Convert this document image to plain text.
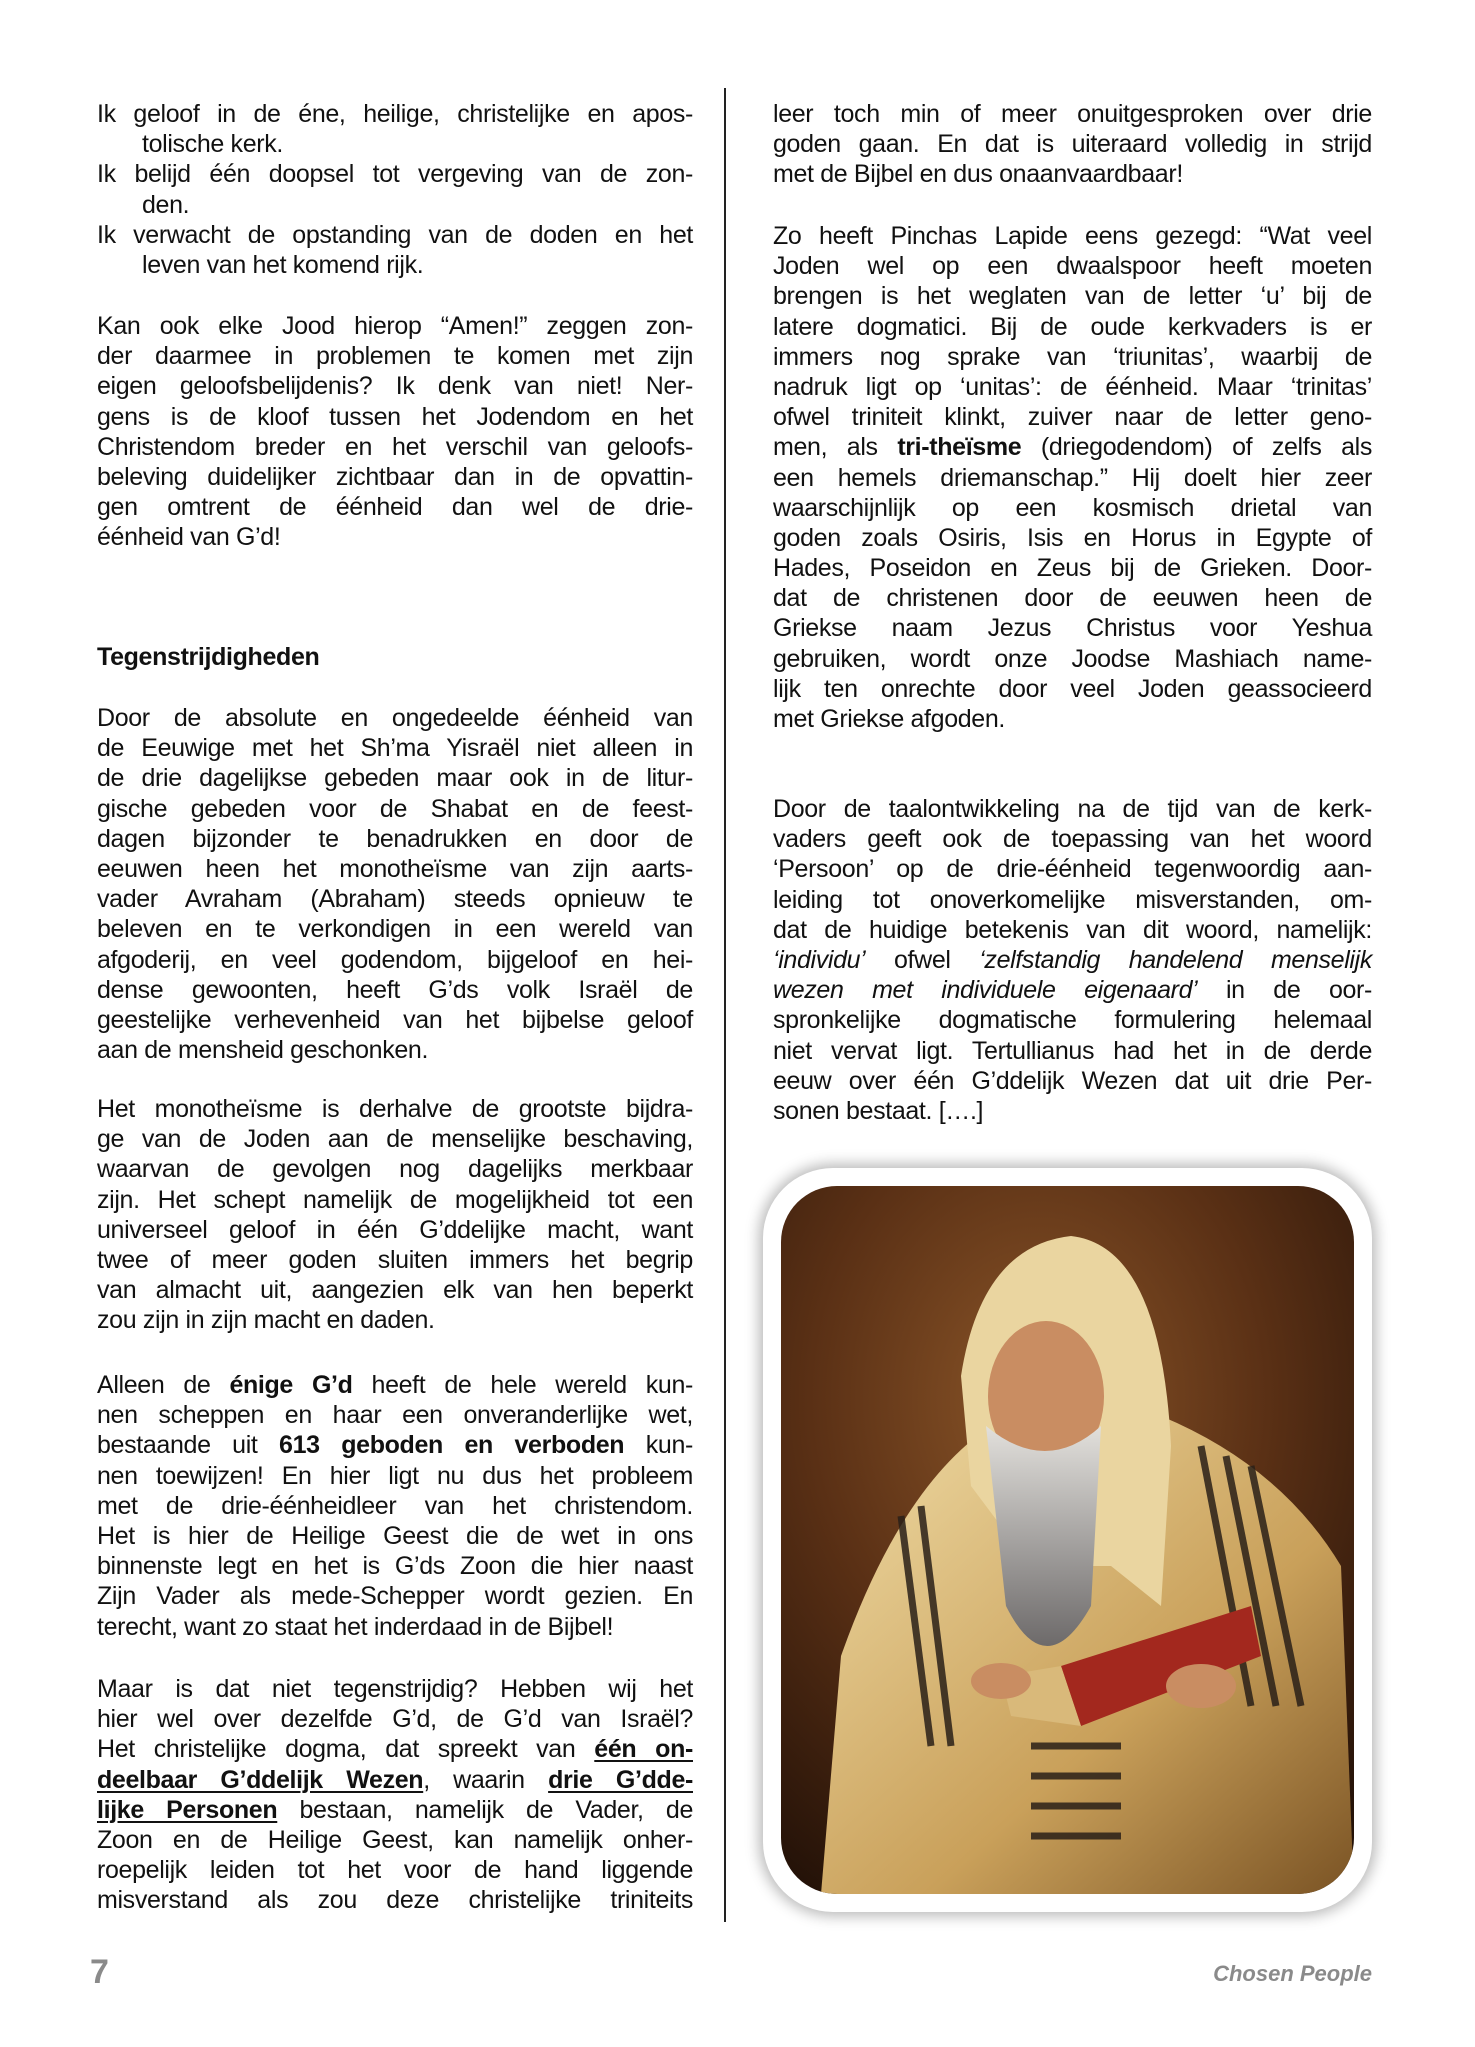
Ik geloof in de éne, heilige, christelijke en apos-
tolische kerk.
Ik belijd één doopsel tot vergeving van de zon-
den.
Ik verwacht de opstanding van de doden en het
leven van het komend rijk.
Kan ook elke Jood hierop “Amen!” zeggen zon-
der daarmee in problemen te komen met zijn
eigen geloofsbelijdenis? Ik denk van niet! Ner-
gens is de kloof tussen het Jodendom en het
Christendom breder en het verschil van geloofs-
beleving duidelijker zichtbaar dan in de opvattin-
gen omtrent de éénheid dan wel de drie-
éénheid van G’d!
Tegenstrijdigheden
Door de absolute en ongedeelde éénheid van
de Eeuwige met het Sh’ma Yisraël niet alleen in
de drie dagelijkse gebeden maar ook in de litur-
gische gebeden voor de Shabat en de feest-
dagen bijzonder te benadrukken en door de
eeuwen heen het monotheïsme van zijn aarts-
vader Avraham (Abraham) steeds opnieuw te
beleven en te verkondigen in een wereld van
afgoderij, en veel godendom, bijgeloof en hei-
dense gewoonten, heeft G’ds volk Israël de
geestelijke verhevenheid van het bijbelse geloof
aan de mensheid geschonken.
Het monotheïsme is derhalve de grootste bijdra-
ge van de Joden aan de menselijke beschaving,
waarvan de gevolgen nog dagelijks merkbaar
zijn. Het schept namelijk de mogelijkheid tot een
universeel geloof in één G’ddelijke macht, want
twee of meer goden sluiten immers het begrip
van almacht uit, aangezien elk van hen beperkt
zou zijn in zijn macht en daden.
Alleen de énige G’d heeft de hele wereld kun-
nen scheppen en haar een onveranderlijke wet,
bestaande uit 613 geboden en verboden kun-
nen toewijzen! En hier ligt nu dus het probleem
met de drie-éénheidleer van het christendom.
Het is hier de Heilige Geest die de wet in ons
binnenste legt en het is G’ds Zoon die hier naast
Zijn Vader als mede-Schepper wordt gezien. En
terecht, want zo staat het inderdaad in de Bijbel!
Maar is dat niet tegenstrijdig? Hebben wij het
hier wel over dezelfde G’d, de G’d van Israël?
Het christelijke dogma, dat spreekt van één on-
deelbaar G’ddelijk Wezen, waarin drie G’dde-
lijke Personen bestaan, namelijk de Vader, de
Zoon en de Heilige Geest, kan namelijk onher-
roepelijk leiden tot het voor de hand liggende
misverstand als zou deze christelijke triniteits
leer toch min of meer onuitgesproken over drie
goden gaan. En dat is uiteraard volledig in strijd
met de Bijbel en dus onaanvaardbaar!
Zo heeft Pinchas Lapide eens gezegd: “Wat veel
Joden wel op een dwaalspoor heeft moeten
brengen is het weglaten van de letter ‘u’ bij de
latere dogmatici. Bij de oude kerkvaders is er
immers nog sprake van ‘triunitas’, waarbij de
nadruk ligt op ‘unitas’: de éénheid. Maar ‘trinitas’
ofwel triniteit klinkt, zuiver naar de letter geno-
men, als tri-theïsme (driegodendom) of zelfs als
een hemels driemanschap.” Hij doelt hier zeer
waarschijnlijk op een kosmisch drietal van
goden zoals Osiris, Isis en Horus in Egypte of
Hades, Poseidon en Zeus bij de Grieken. Door-
dat de christenen door de eeuwen heen de
Griekse naam Jezus Christus voor Yeshua
gebruiken, wordt onze Joodse Mashiach name-
lijk ten onrechte door veel Joden geassocieerd
met Griekse afgoden.
Door de taalontwikkeling na de tijd van de kerk-
vaders geeft ook de toepassing van het woord
‘Persoon’ op de drie-éénheid tegenwoordig aan-
leiding tot onoverkomelijke misverstanden, om-
dat de huidige betekenis van dit woord, namelijk:
‘individu’ ofwel ‘zelfstandig handelend menselijk
wezen met individuele eigenaard’ in de oor-
spronkelijke dogmatische formulering helemaal
niet vervat ligt. Tertullianus had het in de derde
eeuw over één G’ddelijk Wezen dat uit drie Per-
sonen bestaat. [….]
7	Chosen People
